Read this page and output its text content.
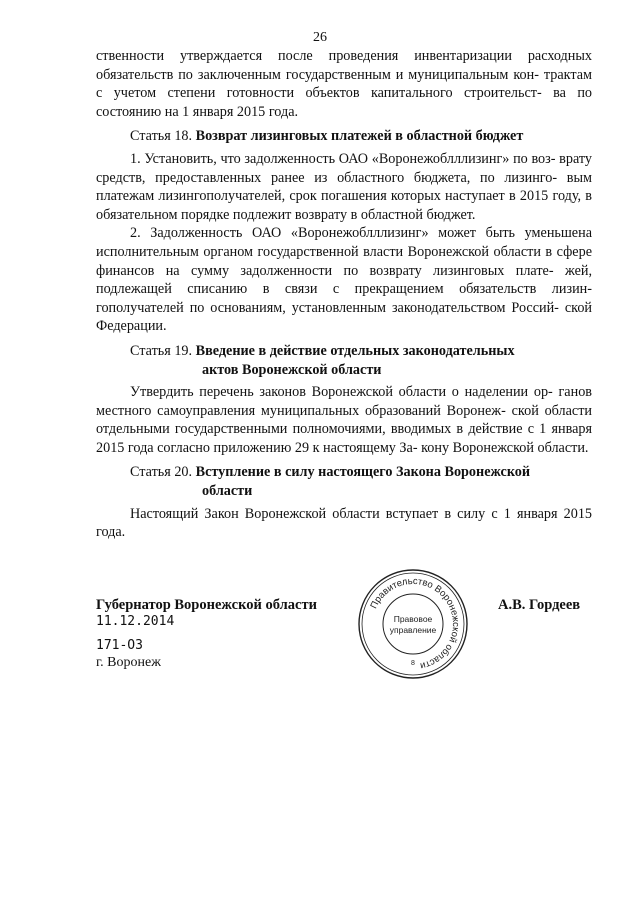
26

ственности утверждается после проведения инвентаризации расходных обязательств по заключенным государственным и муниципальным кон- трактам с учетом степени готовности объектов капитального строительст- ва по состоянию на 1 января 2015 года.

Статья 18. Возврат лизинговых платежей в областной бюджет

1. Установить, что задолженность ОАО «Воронежоблллизинг» по воз- врату средств, предоставленных ранее из областного бюджета, по лизинго- вым платежам лизингополучателей, срок погашения которых наступает в 2015 году, в обязательном порядке подлежит возврату в областной бюджет.

2. Задолженность ОАО «Воронежоблллизинг» может быть уменьшена исполнительным органом государственной власти Воронежской области в сфере финансов на сумму задолженности по возврату лизинговых плате- жей, подлежащей списанию в связи с прекращением обязательств лизин- гополучателей по основаниям, установленным законодательством Россий- ской Федерации.

Статья 19. Введение в действие отдельных законодательных
актов Воронежской области

Утвердить перечень законов Воронежской области о наделении ор- ганов местного самоуправления муниципальных образований Воронеж- ской области отдельными государственными полномочиями, вводимых в действие с 1 января 2015 года согласно приложению 29 к настоящему За- кону Воронежской области.

Статья 20. Вступление в силу настоящего Закона Воронежской
области

Настоящий Закон Воронежской области вступает в силу с 1 января 2015 года.

Губернатор Воронежской области
11.12.2014
171-ОЗ
г. Воронеж
А.В. Гордеев
Правительство Воронежской области
Правовое
управление
8
